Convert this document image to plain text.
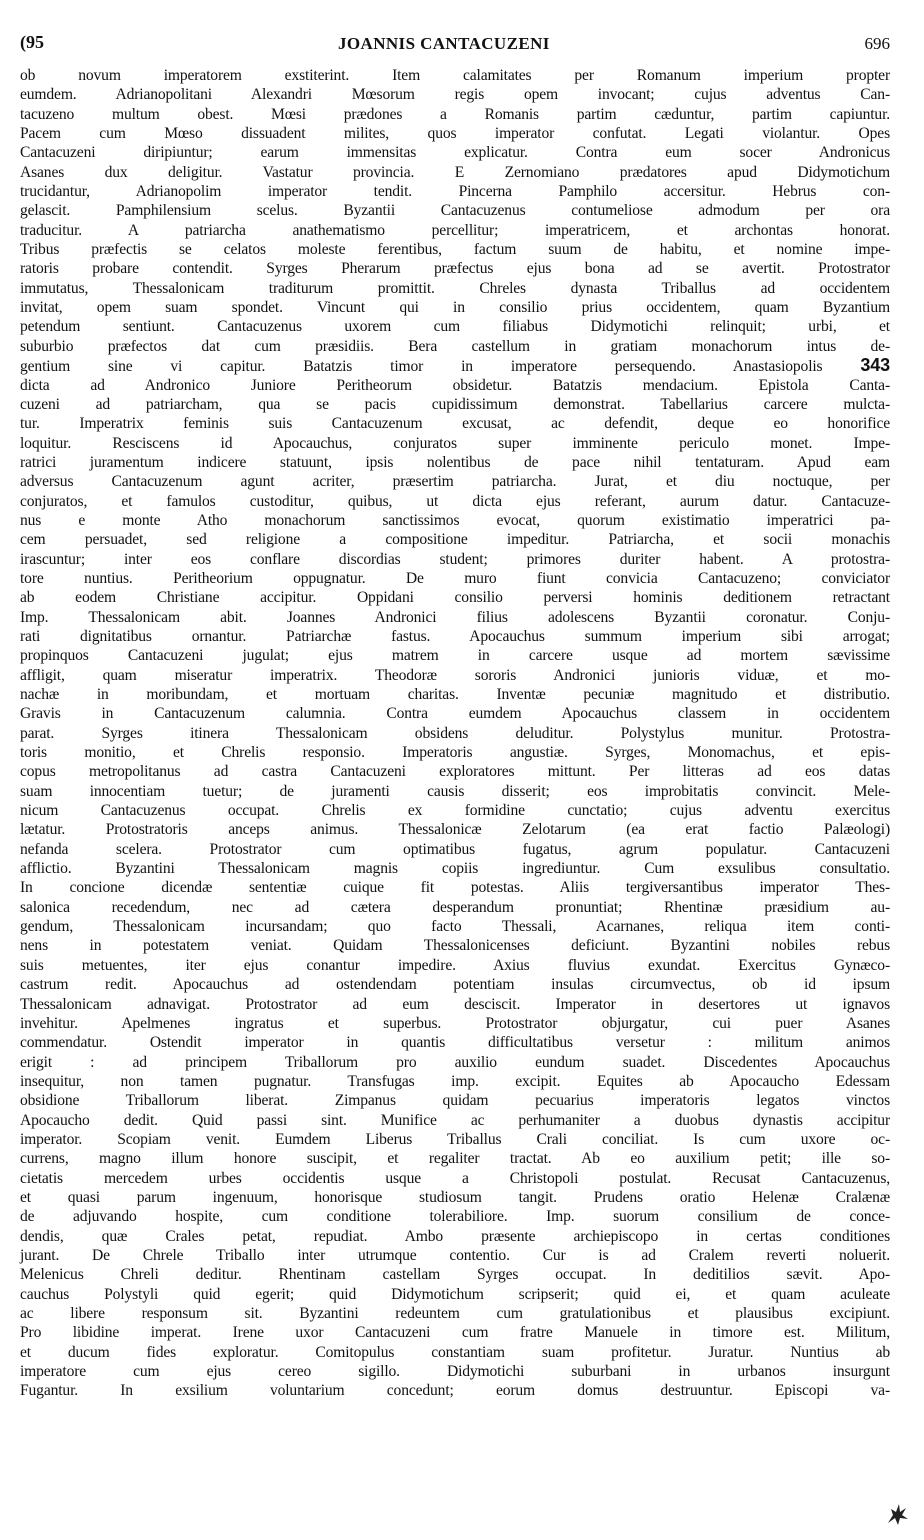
(95	JOANNIS CANTACUZENI	696
ob novum imperatorem exstiterint. Item calamitates per Romanum imperium propter
eumdem. Adrianopolitani Alexandri Mœsorum regis opem invocant; cujus adventus Can-
tacuzeno multum obest. Mœsi prædones a Romanis partim cæduntur, partim capiuntur.
Pacem cum Mœso dissuadent milites, quos imperator confutat. Legati violantur. Opes
Cantacuzeni diripiuntur; earum immensitas explicatur. Contra eum socer Andronicus
Asanes dux deligitur. Vastatur provincia. E Zernomiano prædatores apud Didymotichum
trucidantur, Adrianopolim imperator tendit. Pincerna Pamphilo accersitur. Hebrus con-
gelascit. Pamphilensium scelus. Byzantii Cantacuzenus contumeliose admodum per ora
traducitur. A patriarcha anathematismo percellitur; imperatricem, et archontas honorat.
Tribus præfectis se celatos moleste ferentibus, factum suum de habitu, et nomine impe-
ratoris probare contendit. Syrges Pherarum præfectus ejus bona ad se avertit. Protostrator
immutatus, Thessalonicam traditurum promittit. Chreles dynasta Triballus ad occidentem
invitat, opem suam spondet. Vincunt qui in consilio prius occidentem, quam Byzantium
petendum sentiunt. Cantacuzenus uxorem cum filiabus Didymotichi relinquit; urbi, et
suburbio præfectos dat cum præsidiis. Bera castellum in gratiam monachorum intus de-
gentium sine vi capitur. Batatzis timor in imperatore persequendo. Anastasiopolis 343
dicta ad Andronico Juniore Peritheorum obsidetur. Batatzis mendacium. Epistola Canta-
cuzeni ad patriarcham, qua se pacis cupidissimum demonstrat. Tabellarius carcere mulcta-
tur. Imperatrix feminis suis Cantacuzenum excusat, ac defendit, deque eo honorifice
loquitur. Resciscens id Apocauchus, conjuratos super imminente periculo monet. Impe-
ratrici juramentum indicere statuunt, ipsis nolentibus de pace nihil tentaturam. Apud eam
adversus Cantacuzenum agunt acriter, præsertim patriarcha. Jurat, et diu noctuque, per
conjuratos, et famulos custoditur, quibus, ut dicta ejus referant, aurum datur. Cantacuze-
nus e monte Atho monachorum sanctissimos evocat, quorum existimatio imperatrici pa-
cem persuadet, sed religione a compositione impeditur. Patriarcha, et socii monachis
irascuntur; inter eos conflare discordias student; primores duriter habent. A protostra-
tore nuntius. Peritheorium oppugnatur. De muro fiunt convicia Cantacuzeno; conviciator
ab eodem Christiane accipitur. Oppidani consilio perversi hominis deditionem retractant
Imp. Thessalonicam abit. Joannes Andronici filius adolescens Byzantii coronatur. Conju-
rati dignitatibus ornantur. Patriarchæ fastus. Apocauchus summum imperium sibi arrogat;
propinquos Cantacuzeni jugulat; ejus matrem in carcere usque ad mortem sævissime
affligit, quam miseratur imperatrix. Theodoræ sororis Andronici junioris viduæ, et mo-
nachæ in moribundam, et mortuam charitas. Inventæ pecuniæ magnitudo et distributio.
Gravis in Cantacuzenum calumnia. Contra eumdem Apocauchus classem in occidentem
parat. Syrges itinera Thessalonicam obsidens deluditur. Polystylus munitur. Protostra-
toris monitio, et Chrelis responsio. Imperatoris angustiæ. Syrges, Monomachus, et epis-
copus metropolitanus ad castra Cantacuzeni exploratores mittunt. Per litteras ad eos datas
suam innocentiam tuetur; de juramenti causis disserit; eos improbitatis convincit. Mele-
nicum Cantacuzenus occupat. Chrelis ex formidine cunctatio; cujus adventu exercitus
lætatur. Protostratoris anceps animus. Thessalonicæ Zelotarum (ea erat factio Palæologi)
nefanda scelera. Protostrator cum optimatibus fugatus, agrum populatur. Cantacuzeni
afflictio. Byzantini Thessalonicam magnis copiis ingrediuntur. Cum exsulibus consultatio.
In concione dicendæ sententiæ cuique fit potestas. Aliis tergiversantibus imperator Thes-
salonica recedendum, nec ad cætera desperandum pronuntiat; Rhentinæ præsidium au-
gendum, Thessalonicam incursandam; quo facto Thessali, Acarnanes, reliqua item conti-
nens in potestatem veniat. Quidam Thessalonicenses deficiunt. Byzantini nobiles rebus
suis metuentes, iter ejus conantur impedire. Axius fluvius exundat. Exercitus Gynæco-
castrum redit. Apocauchus ad ostendendam potentiam insulas circumvectus, ob id ipsum
Thessalonicam adnavigat. Protostrator ad eum desciscit. Imperator in desertores ut ignavos
invehitur. Apelmenes ingratus et superbus. Protostrator objurgatur, cui puer Asanes
commendatur. Ostendit imperator in quantis difficultatibus versetur : militum animos
erigit : ad principem Triballorum pro auxilio eundum suadet. Discedentes Apocauchus
insequitur, non tamen pugnatur. Transfugas imp. excipit. Equites ab Apocaucho Edessam
obsidione Triballorum liberat. Zimpanus quidam pecuarius imperatoris legatos vinctos
Apocaucho dedit. Quid passi sint. Munifice ac perhumaniter a duobus dynastis accipitur
imperator. Scopiam venit. Eumdem Liberus Triballus Crali conciliat. Is cum uxore oc-
currens, magno illum honore suscipit, et regaliter tractat. Ab eo auxilium petit; ille so-
cietatis mercedem urbes occidentis usque a Christopoli postulat. Recusat Cantacuzenus,
et quasi parum ingenuum, honorisque studiosum tangit. Prudens oratio Helenæ Cralænæ
de adjuvando hospite, cum conditione tolerabiliore. Imp. suorum consilium de conce-
dendis, quæ Crales petat, repudiat. Ambo præsente archiepiscopo in certas conditiones
jurant. De Chrele Triballo inter utrumque contentio. Cur is ad Cralem reverti noluerit.
Melenicus Chreli deditur. Rhentinam castellam Syrges occupat. In deditilios sævit. Apo-
cauchus Polystyli quid egerit; quid Didymotichum scripserit; quid ei, et quam aculeate
ac libere responsum sit. Byzantini redeuntem cum gratulationibus et plausibus excipiunt.
Pro libidine imperat. Irene uxor Cantacuzeni cum fratre Manuele in timore est. Militum,
et ducum fides exploratur. Comitopulus constantiam suam profitetur. Juratur. Nuntius ab
imperatore cum ejus cereo sigillo. Didymotichi suburbani in urbanos insurgunt
Fugantur. In exsilium voluntarium concedunt; eorum domus destruuntur. Episcopi va-
